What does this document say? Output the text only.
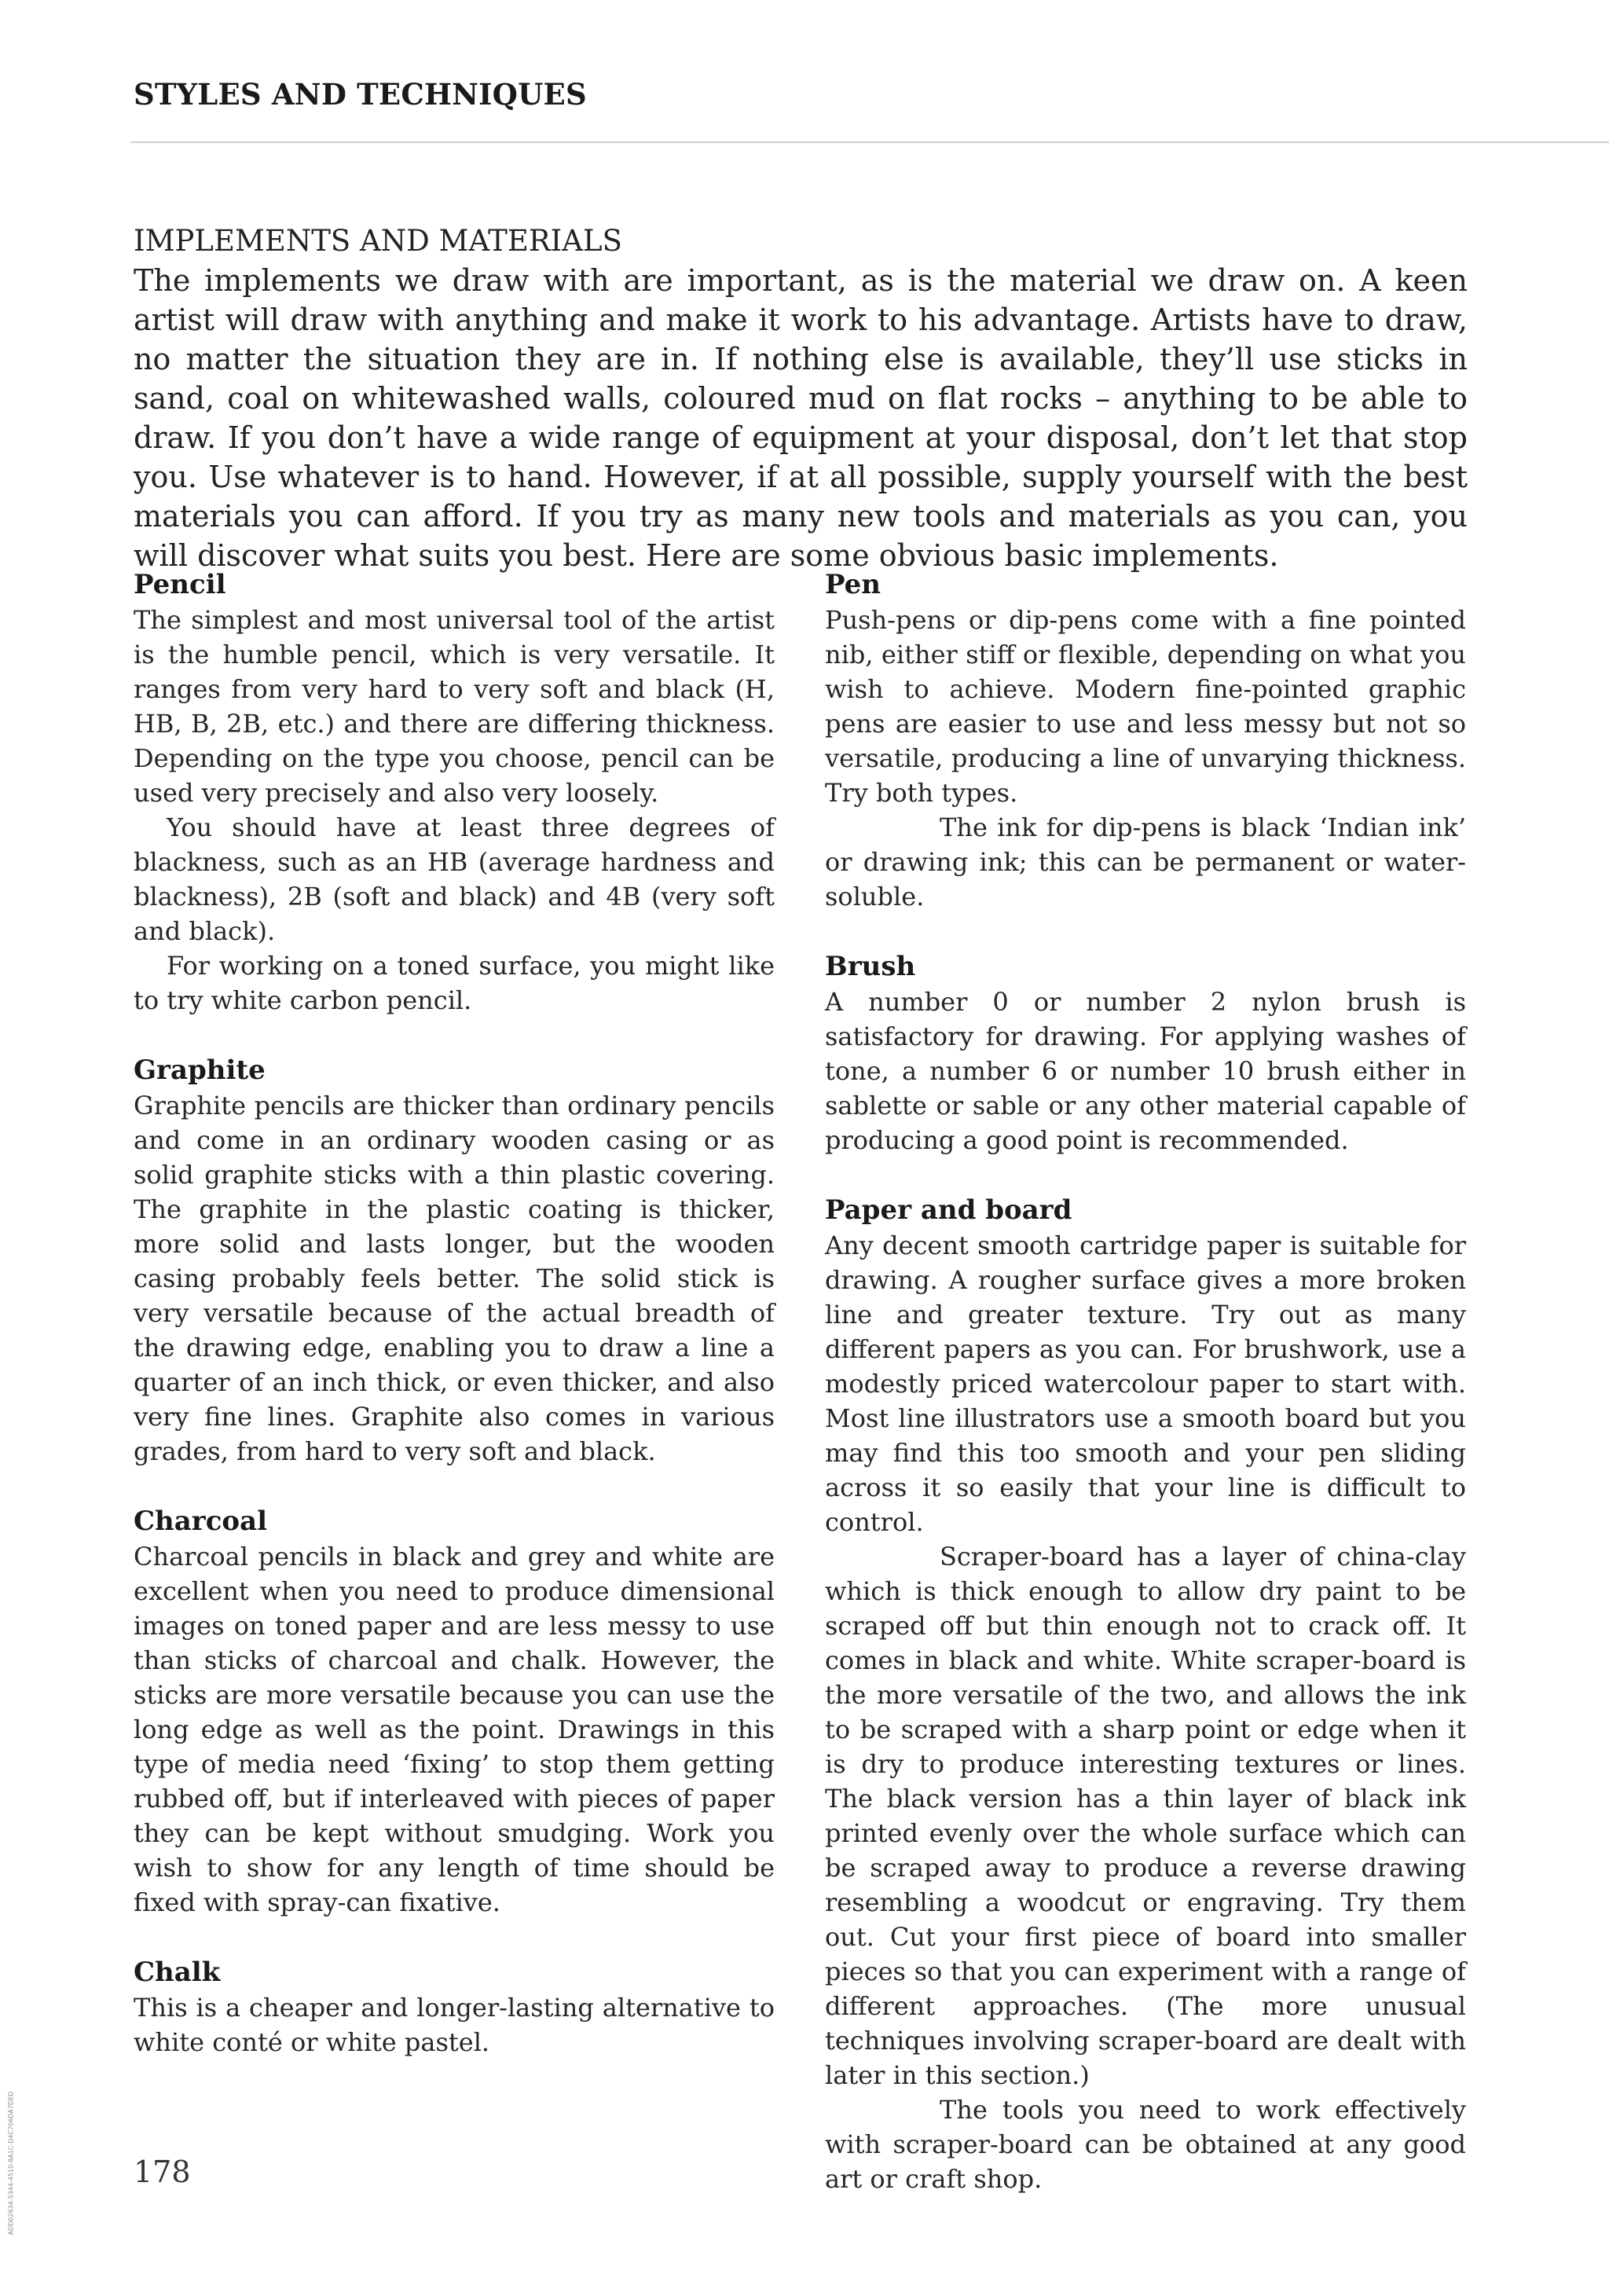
STYLES AND TECHNIQUES
IMPLEMENTS AND MATERIALS
The implements we draw with are important, as is the material we draw on. A keen artist will draw with anything and make it work to his advantage. Artists have to draw, no matter the situation they are in. If nothing else is available, they’ll use sticks in sand, coal on whitewashed walls, coloured mud on flat rocks – anything to be able to draw. If you don’t have a wide range of equipment at your disposal, don’t let that stop you. Use whatever is to hand. However, if at all possible, supply yourself with the best materials you can afford. If you try as many new tools and materials as you can, you will discover what suits you best. Here are some obvious basic implements.
Pencil

The simplest and most universal tool of the artist is the humble pencil, which is very versatile. It ranges from very hard to very soft and black (H, HB, B, 2B, etc.) and there are differing thickness. Depending on the type you choose, pencil can be used very precisely and also very loosely.

You should have at least three degrees of blackness, such as an HB (average hardness and blackness), 2B (soft and black) and 4B (very soft and black).

For working on a toned surface, you might like to try white carbon pencil.

Graphite

Graphite pencils are thicker than ordinary pencils and come in an ordinary wooden casing or as solid graphite sticks with a thin plastic covering. The graphite in the plastic coating is thicker, more solid and lasts longer, but the wooden casing probably feels better. The solid stick is very versatile because of the actual breadth of the drawing edge, enabling you to draw a line a quarter of an inch thick, or even thicker, and also very fine lines. Graphite also comes in various grades, from hard to very soft and black.

Charcoal

Charcoal pencils in black and grey and white are excellent when you need to produce dimensional images on toned paper and are less messy to use than sticks of charcoal and chalk. However, the sticks are more versatile because you can use the long edge as well as the point. Drawings in this type of media need ‘fixing’ to stop them getting rubbed off, but if interleaved with pieces of paper they can be kept without smudging. Work you wish to show for any length of time should be fixed with spray-can fixative.

Chalk

This is a cheaper and longer-lasting alternative to white conté or white pastel.

Pen

Push-pens or dip-pens come with a fine pointed nib, either stiff or flexible, depending on what you wish to achieve. Modern fine-pointed graphic pens are easier to use and less messy but not so versatile, producing a line of unvarying thickness. Try both types.

The ink for dip-pens is black ‘Indian ink’ or drawing ink; this can be permanent or water-soluble.

Brush

A number 0 or number 2 nylon brush is satisfactory for drawing. For applying washes of tone, a number 6 or number 10 brush either in sablette or sable or any other material capable of producing a good point is recommended.

Paper and board

Any decent smooth cartridge paper is suitable for drawing. A rougher surface gives a more broken line and greater texture. Try out as many different papers as you can. For brushwork, use a modestly priced watercolour paper to start with. Most line illustrators use a smooth board but you may find this too smooth and your pen sliding across it so easily that your line is difficult to control.

Scraper-board has a layer of china-clay which is thick enough to allow dry paint to be scraped off but thin enough not to crack off. It comes in black and white. White scraper-board is the more versatile of the two, and allows the ink to be scraped with a sharp point or edge when it is dry to produce interesting textures or lines. The black version has a thin layer of black ink printed evenly over the whole surface which can be scraped away to produce a reverse drawing resembling a woodcut or engraving. Try them out. Cut your first piece of board into smaller pieces so that you can experiment with a range of different approaches. (The more unusual techniques involving scraper-board are dealt with later in this section.)

The tools you need to work effectively with scraper-board can be obtained at any good art or craft shop.

178
ADD02634-5344-4510-8A1C-D4C706DA7DED
